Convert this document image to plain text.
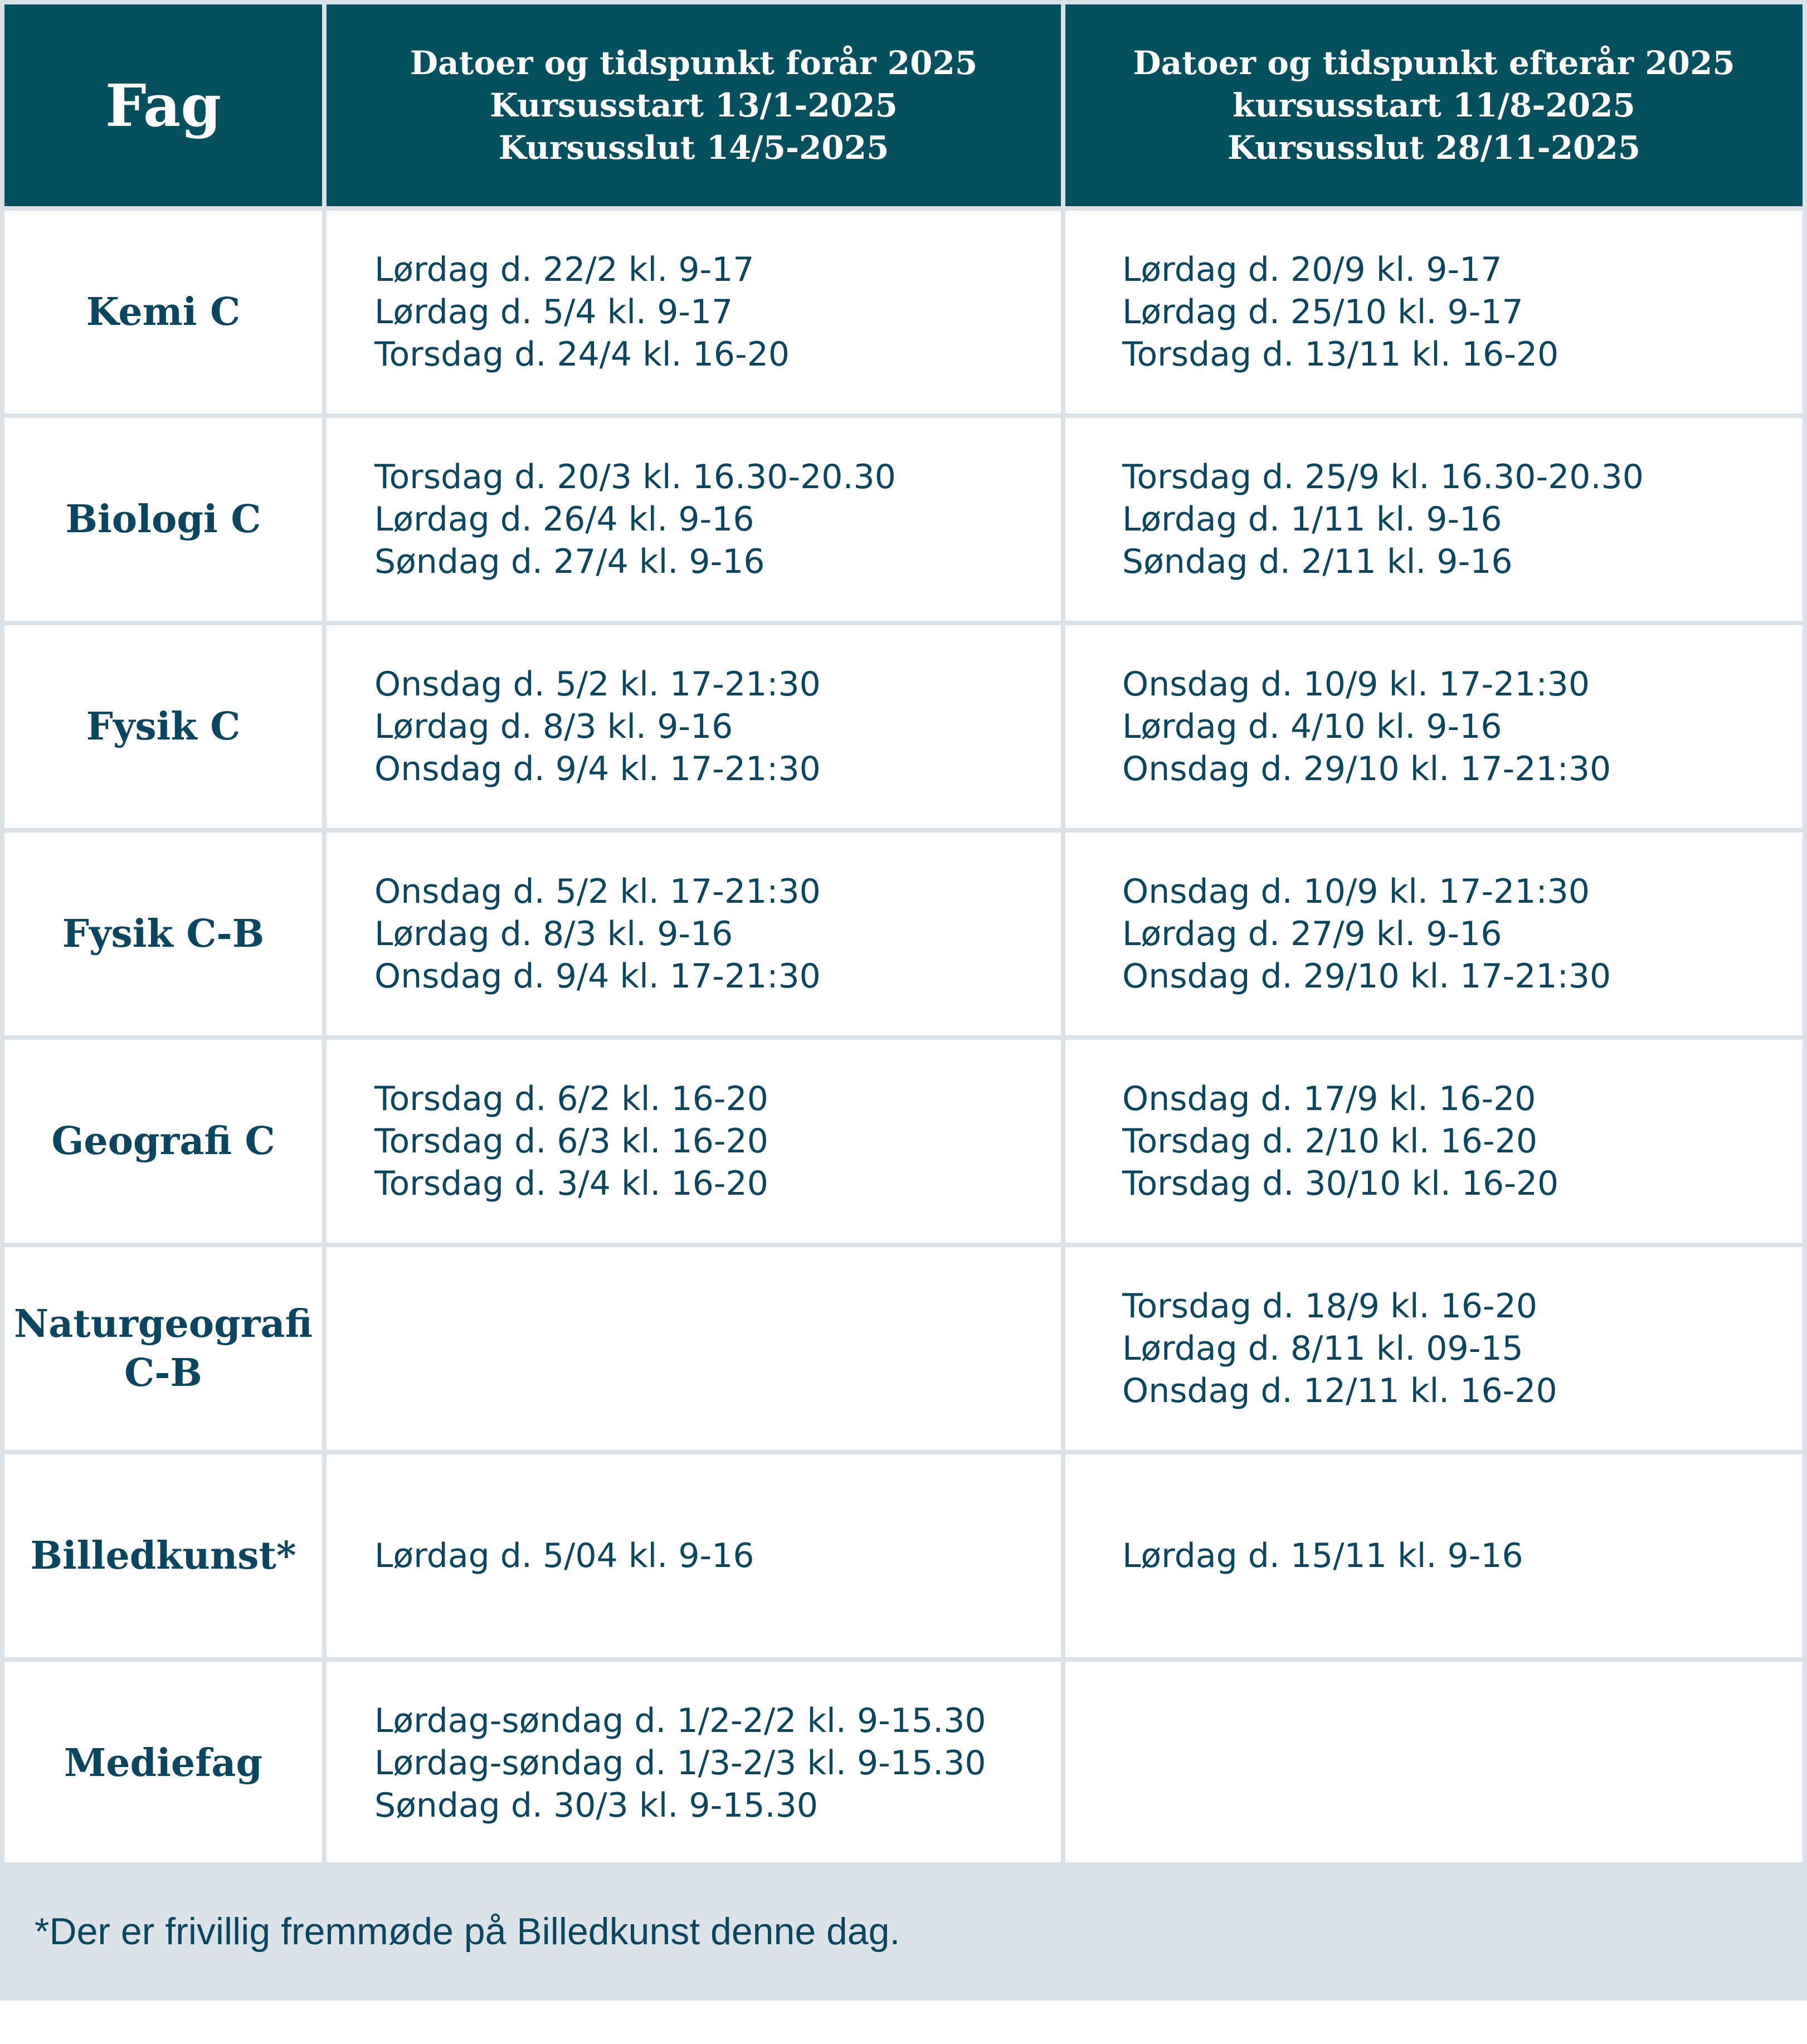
Fag	Datoer og tidspunkt forår 2025
Kursusstart 13/1-2025
Kursusslut 14/5-2025	Datoer og tidspunkt efterår 2025
kursusstart 11/8-2025
Kursusslut 28/11-2025

Kemi C	Lørdag d. 22/2 kl. 9-17
Lørdag d. 5/4 kl. 9-17
Torsdag d. 24/4 kl. 16-20	Lørdag d. 20/9 kl. 9-17
Lørdag d. 25/10 kl. 9-17
Torsdag d. 13/11 kl. 16-20

Biologi C	Torsdag d. 20/3 kl. 16.30-20.30
Lørdag d. 26/4 kl. 9-16
Søndag d. 27/4 kl. 9-16	Torsdag d. 25/9 kl. 16.30-20.30
Lørdag d. 1/11 kl. 9-16
Søndag d. 2/11 kl. 9-16

Fysik C	Onsdag d. 5/2 kl. 17-21:30
Lørdag d. 8/3 kl. 9-16
Onsdag d. 9/4 kl. 17-21:30	Onsdag d. 10/9 kl. 17-21:30
Lørdag d. 4/10 kl. 9-16
Onsdag d. 29/10 kl. 17-21:30

Fysik C-B	Onsdag d. 5/2 kl. 17-21:30
Lørdag d. 8/3 kl. 9-16
Onsdag d. 9/4 kl. 17-21:30	Onsdag d. 10/9 kl. 17-21:30
Lørdag d. 27/9 kl. 9-16
Onsdag d. 29/10 kl. 17-21:30

Geografi C	Torsdag d. 6/2 kl. 16-20
Torsdag d. 6/3 kl. 16-20
Torsdag d. 3/4 kl. 16-20	Onsdag d. 17/9 kl. 16-20
Torsdag d. 2/10 kl. 16-20
Torsdag d. 30/10 kl. 16-20

Naturgeografi
C-B		Torsdag d. 18/9 kl. 16-20
Lørdag d. 8/11 kl. 09-15
Onsdag d. 12/11 kl. 16-20

Billedkunst*	Lørdag d. 5/04 kl. 9-16	Lørdag d. 15/11 kl. 9-16

Mediefag	Lørdag-søndag d. 1/2-2/2 kl. 9-15.30
Lørdag-søndag d. 1/3-2/3 kl. 9-15.30
Søndag d. 30/3 kl. 9-15.30	

*Der er frivillig fremmøde på Billedkunst denne dag.
